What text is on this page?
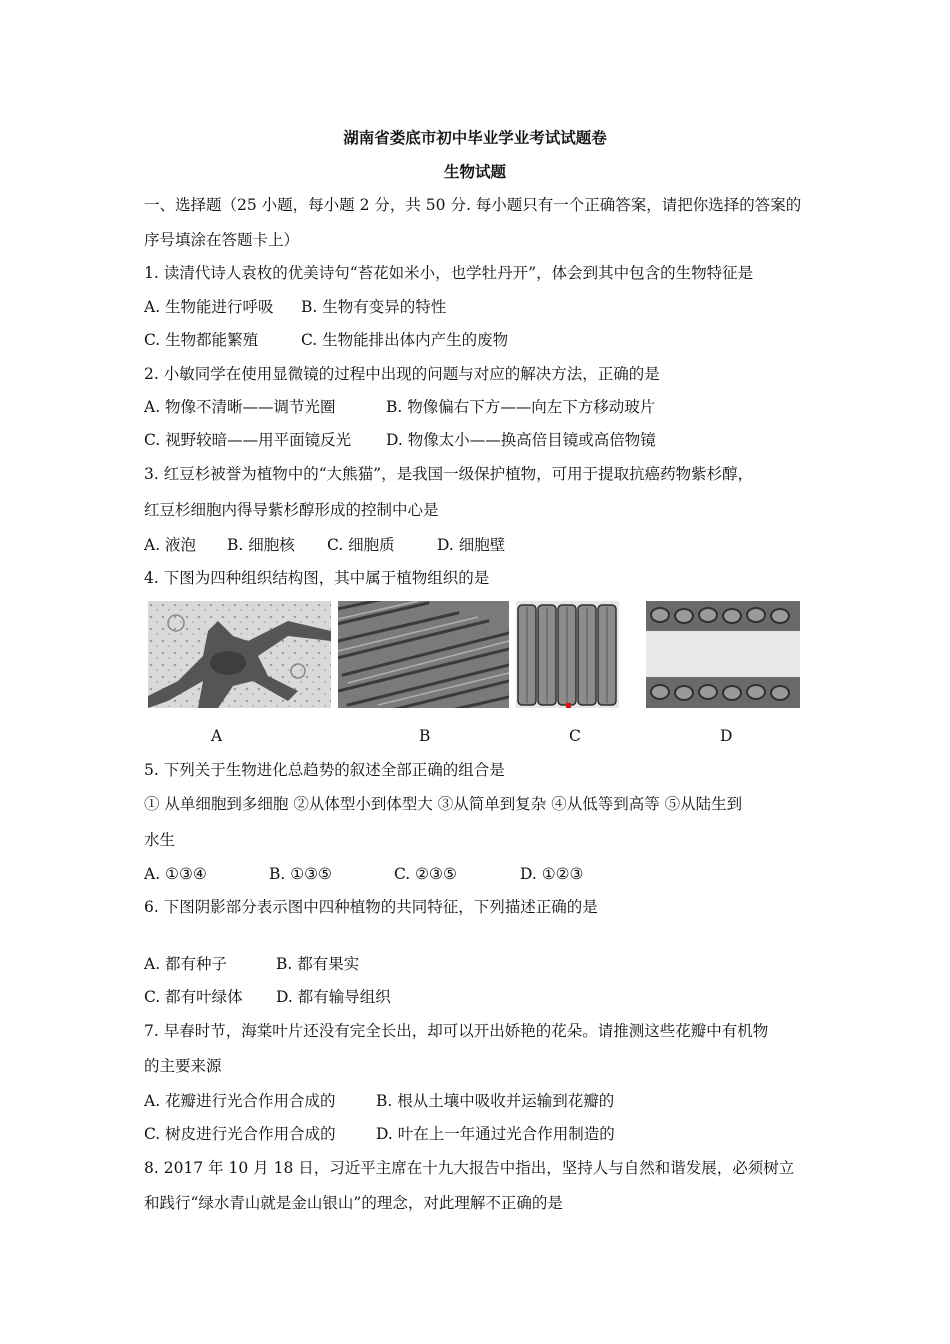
湖南省娄底市初中毕业学业考试试题卷
生物试题
一、选择题（25 小题，每小题 2 分，共 50 分. 每小题只有一个正确答案，请把你选择的答案的
序号填涂在答题卡上）
1. 读清代诗人袁枚的优美诗句“苔花如米小，也学牡丹开”，体会到其中包含的生物特征是
A. 生物能进行呼吸 B. 生物有变异的特性
C. 生物都能繁殖	C. 生物能排出体内产生的废物
2. 小敏同学在使用显微镜的过程中出现的问题与对应的解决方法，正确的是
A. 物像不清晰——调节光圈	B. 物像偏右下方——向左下方移动玻片
C. 视野较暗——用平面镜反光 D. 物像太小——换高倍目镜或高倍物镜
3. 红豆杉被誉为植物中的“大熊猫”，是我国一级保护植物，可用于提取抗癌药物紫杉醇，
红豆杉细胞内得导紫杉醇形成的控制中心是
A. 液泡 B. 细胞核 C. 细胞质	D. 细胞壁
4. 下图为四种组织结构图，其中属于植物组织的是
A	B	C	D
5. 下列关于生物进化总趋势的叙述全部正确的组合是
① 从单细胞到多细胞 ②从体型小到体型大 ③从简单到复杂 ④从低等到高等 ⑤从陆生到
水生
A. ①③④	B. ①③⑤	C. ②③⑤	D. ①②③
6. 下图阴影部分表示图中四种植物的共同特征，下列描述正确的是
A. 都有种子	B. 都有果实
C. 都有叶绿体 D. 都有输导组织
7. 早春时节，海棠叶片还没有完全长出，却可以开出娇艳的花朵。请推测这些花瓣中有机物
的主要来源
A. 花瓣进行光合作用合成的	B. 根从土壤中吸收并运输到花瓣的
C. 树皮进行光合作用合成的	D. 叶在上一年通过光合作用制造的
8. 2017 年 10 月 18 日，习近平主席在十九大报告中指出，坚持人与自然和谐发展，必须树立
和践行“绿水青山就是金山银山”的理念，对此理解不正确的是
